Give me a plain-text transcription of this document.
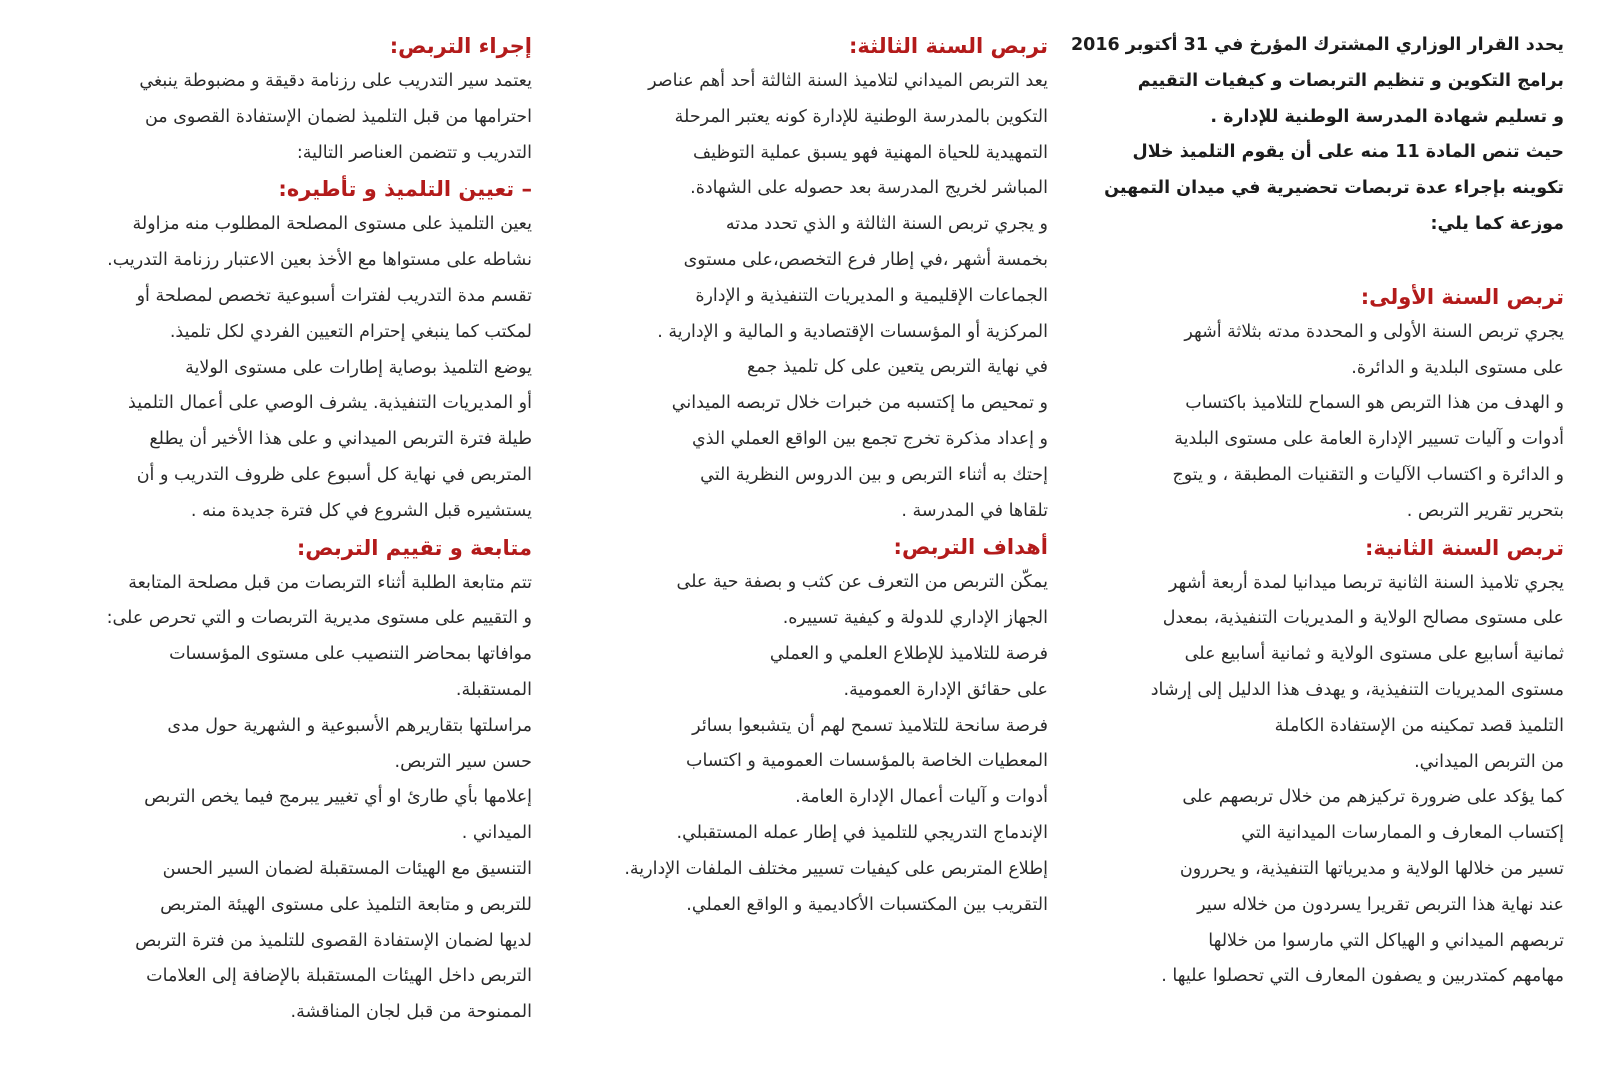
يحدد القرار الوزاري المشترك المؤرخ في 31 أكتوبر 2016

برامج التكوين و تنظيم التربصات و كيفيات التقييم

و تسليم شهادة المدرسة الوطنية للإدارة .

حيث تنص المادة 11 منه على أن يقوم التلميذ خلال

تكوينه بإجراء عدة تربصات تحضيرية في ميدان التمهين

موزعة كما يلي:

تربص السنة الأولى:

يجري تربص السنة الأولى و المحددة مدته بثلاثة أشهر

على مستوى البلدية و الدائرة.

و الهدف من هذا التربص هو السماح للتلاميذ باكتساب

أدوات و آليات تسيير الإدارة العامة على مستوى البلدية

و الدائرة و اكتساب الآليات و التقنيات المطبقة ، و يتوج

بتحرير تقرير التربص .

تربص السنة الثانية:

يجري تلاميذ السنة الثانية تربصا ميدانيا لمدة أربعة أشهر

على مستوى مصالح الولاية و المديريات التنفيذية، بمعدل

ثمانية أسابيع على مستوى الولاية و ثمانية أسابيع على

مستوى المديريات التنفيذية، و يهدف هذا الدليل إلى إرشاد

التلميذ قصد تمكينه من الإستفادة الكاملة

من التربص الميداني.

كما يؤكد على ضرورة تركيزهم من خلال تربصهم على

إكتساب المعارف و الممارسات الميدانية التي

تسير من خلالها الولاية و مديرياتها التنفيذية، و يحررون

عند نهاية هذا التربص تقريرا يسردون من خلاله سير

تربصهم الميداني و الهياكل التي مارسوا من خلالها

مهامهم كمتدربين و يصفون المعارف التي تحصلوا عليها .

تربص السنة الثالثة:

يعد التربص الميداني لتلاميذ السنة الثالثة أحد أهم عناصر

التكوين بالمدرسة الوطنية للإدارة كونه يعتبر المرحلة

التمهيدية للحياة المهنية فهو يسبق عملية التوظيف

المباشر لخريج المدرسة بعد حصوله على الشهادة.

و يجري تربص السنة الثالثة و الذي تحدد مدته

بخمسة أشهر ،في إطار فرع التخصص،على مستوى

الجماعات الإقليمية و المديريات التنفيذية و الإدارة

المركزية أو المؤسسات الإقتصادية و المالية و الإدارية .

في نهاية التربص يتعين على كل تلميذ جمع

و تمحيص ما إكتسبه من خبرات خلال تربصه الميداني

و إعداد مذكرة تخرج تجمع بين الواقع العملي الذي

إحتك به أثناء التربص و بين الدروس النظرية التي

تلقاها في المدرسة .

أهداف التربص:

يمكّن التربص من التعرف عن كثب و بصفة حية على

الجهاز الإداري للدولة و كيفية تسييره.

فرصة للتلاميذ للإطلاع العلمي و العملي

على حقائق الإدارة العمومية.

فرصة سانحة للتلاميذ تسمح لهم أن يتشبعوا بسائر

المعطيات الخاصة بالمؤسسات العمومية و اكتساب

أدوات و آليات أعمال الإدارة العامة.

الإندماج التدريجي للتلميذ في إطار عمله المستقبلي.

إطلاع المتربص على كيفيات تسيير مختلف الملفات الإدارية.

التقريب بين المكتسبات الأكاديمية و الواقع العملي.

إجراء التربص:

يعتمد سير التدريب على رزنامة دقيقة و مضبوطة ينبغي

احترامها من قبل التلميذ لضمان الإستفادة القصوى من

التدريب و تتضمن العناصر التالية:

– تعيين التلميذ و تأطيره:

يعين التلميذ على مستوى المصلحة المطلوب منه مزاولة

نشاطه على مستواها مع الأخذ بعين الاعتبار رزنامة التدريب.

تقسم مدة التدريب لفترات أسبوعية تخصص لمصلحة أو

لمكتب كما ينبغي إحترام التعيين الفردي لكل تلميذ.

يوضع التلميذ بوصاية إطارات على مستوى الولاية

أو المديريات التنفيذية. يشرف الوصي على أعمال التلميذ

طيلة فترة التربص الميداني و على هذا الأخير أن يطلع

المتربص في نهاية كل أسبوع على ظروف التدريب و أن

يستشيره قبل الشروع في كل فترة جديدة منه .

متابعة و تقييم التربص:

تتم متابعة الطلبة أثناء التربصات من قبل مصلحة المتابعة

و التقييم على مستوى مديرية التربصات و التي تحرص على:

موافاتها بمحاضر التنصيب على مستوى المؤسسات

المستقبلة.

مراسلتها بتقاريرهم الأسبوعية و الشهرية حول مدى

حسن سير التربص.

إعلامها بأي طارئ او أي تغيير يبرمج فيما يخص التربص

الميداني .

التنسيق مع الهيئات المستقبلة لضمان السير الحسن

للتربص و متابعة التلميذ على مستوى الهيئة المتربص

لديها لضمان الإستفادة القصوى للتلميذ من فترة التربص

التربص داخل الهيئات المستقبلة بالإضافة إلى العلامات

الممنوحة من قبل لجان المناقشة.
